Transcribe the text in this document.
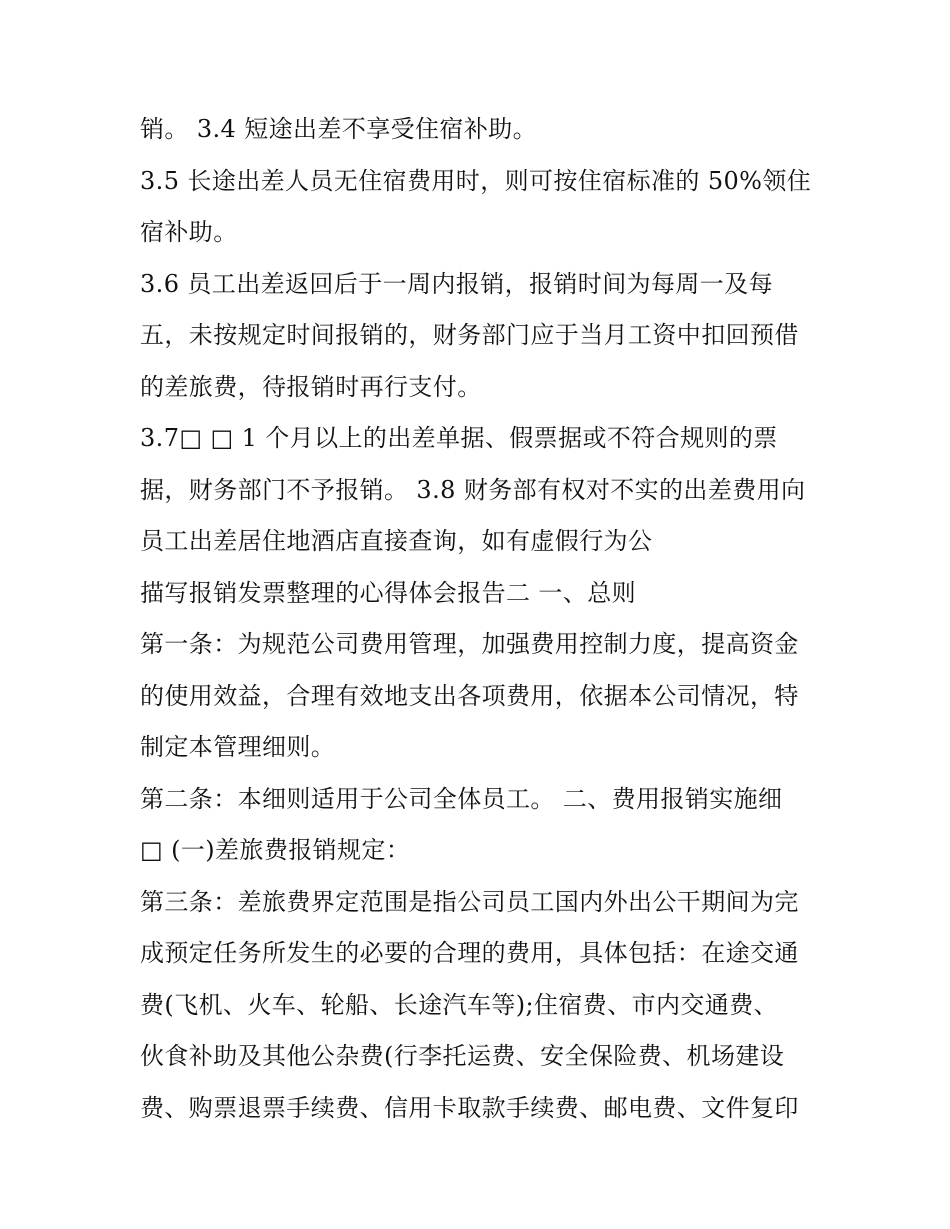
销。 3.4 短途出差不享受住宿补助。
3.5 长途出差人员无住宿费用时，则可按住宿标准的 50%领住
宿补助。
3.6 员工出差返回后于一周内报销，报销时间为每周一及每
五，未按规定时间报销的，财务部门应于当月工资中扣回预借
的差旅费，待报销时再行支付。
3.7□ □ 1 个月以上的出差单据、假票据或不符合规则的票
据，财务部门不予报销。 3.8 财务部有权对不实的出差费用向
员工出差居住地酒店直接查询，如有虚假行为公
描写报销发票整理的心得体会报告二 一、总则
第一条：为规范公司费用管理，加强费用控制力度，提高资金
的使用效益，合理有效地支出各项费用，依据本公司情况，特
制定本管理细则。
第二条：本细则适用于公司全体员工。 二、费用报销实施细
□ (一)差旅费报销规定：
第三条：差旅费界定范围是指公司员工国内外出公干期间为完
成预定任务所发生的必要的合理的费用，具体包括：在途交通
费(飞机、火车、轮船、长途汽车等);住宿费、市内交通费、
伙食补助及其他公杂费(行李托运费、安全保险费、机场建设
费、购票退票手续费、信用卡取款手续费、邮电费、文件复印
